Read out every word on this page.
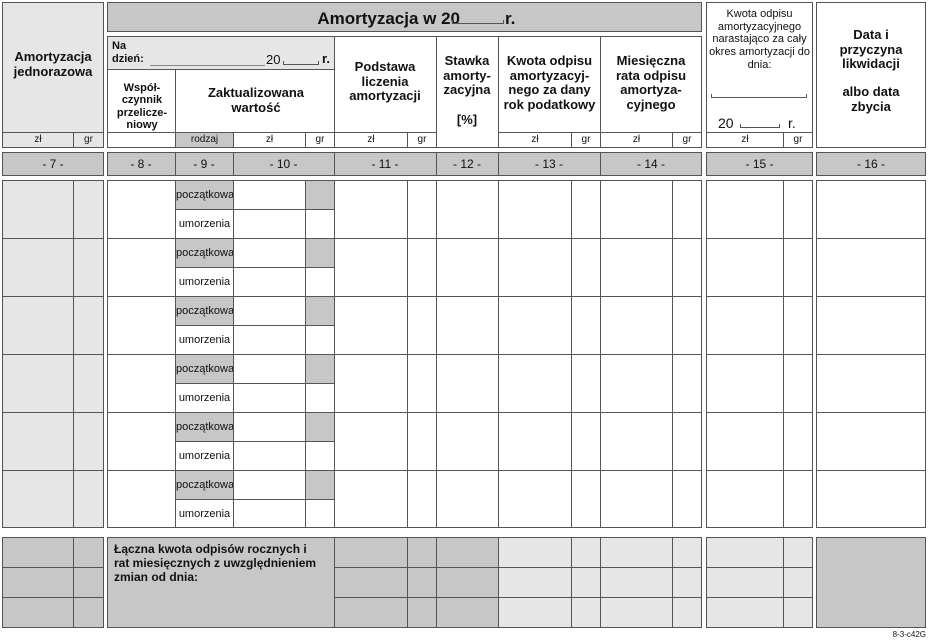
Amortyzacja jednorazowa
Amortyzacja w 20	r.
Na
dzień:	20	r.
Współ-czynnik przelicze-niowy
Zaktualizowana wartość
Podstawa liczenia amortyzacji
Stawka amorty-zacyjna
[%]
Kwota odpisu amortyzacyj-nego za dany rok podatkowy
Miesięczna rata odpisu amortyza-cyjnego
Kwota odpisu amortyzacyjnego narastająco za cały okres amortyzacji do dnia:
20	r.
Data i przyczyna likwidacji
albo data zbycia
zł	gr	rodzaj	zł	gr	zł	gr	zł	gr	zł	gr	zł	gr
- 7 -	- 8 -	- 9 -	- 10 -	- 11 -	- 12 -	- 13 -	- 14 -	- 15 -	- 16 -
początkowa
umorzenia
początkowa
umorzenia
początkowa
umorzenia
początkowa
umorzenia
początkowa
umorzenia
początkowa
umorzenia
Łączna kwota odpisów rocznych i rat miesięcznych z uwzględnieniem zmian od dnia:
8-3-c42G
